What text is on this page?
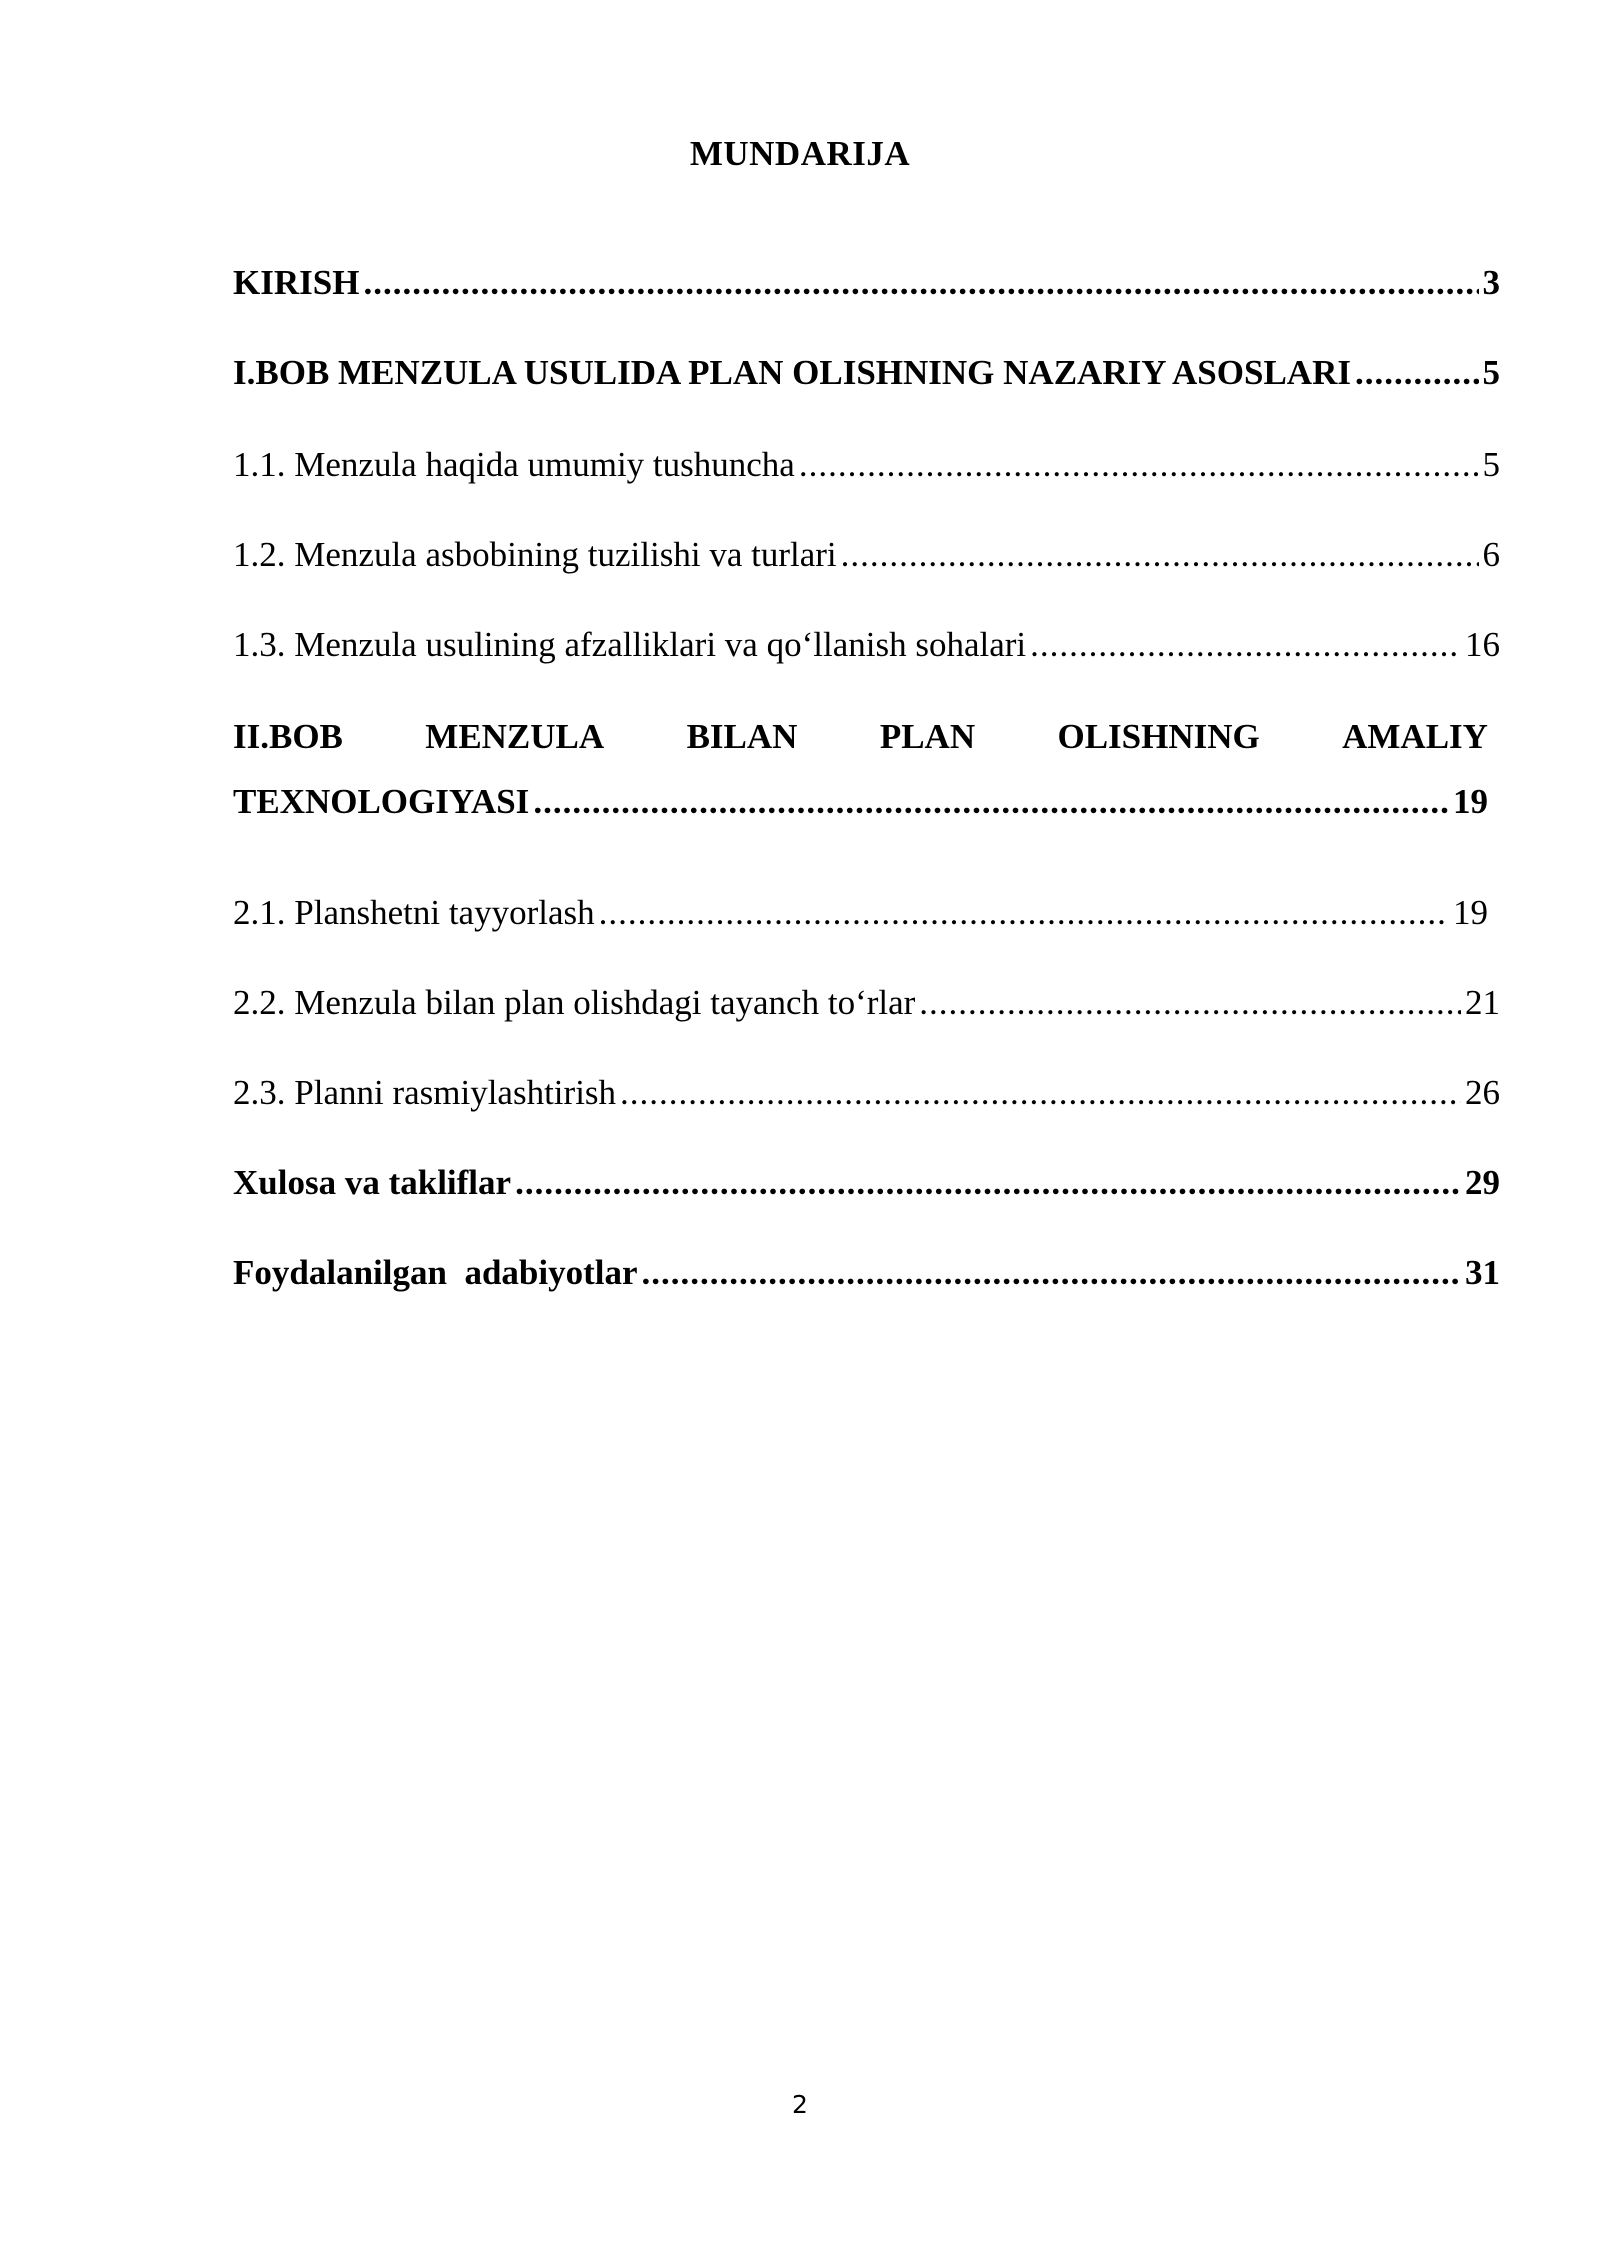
MUNDARIJA
KIRISH .....	3
I.BOB MENZULA USULIDA PLAN OLISHNING NAZARIY ASOSLARI .....	5
1.1. Menzula haqida umumiy tushuncha .....	5
1.2. Menzula asbobining tuzilishi va turlari .....	6
1.3. Menzula usulining afzalliklari va qo‘llanish sohalari .....	16
II.BOB MENZULA BILAN PLAN OLISHNING AMALIY
TEXNOLOGIYASI .....	19
2.1. Planshetni tayyorlash .....	19
2.2. Menzula bilan plan olishdagi tayanch to‘rlar .....	21
2.3. Planni rasmiylashtirish .....	26
Xulosa va takliflar .....	29
Foydalanilgan  adabiyotlar .....	31
2
